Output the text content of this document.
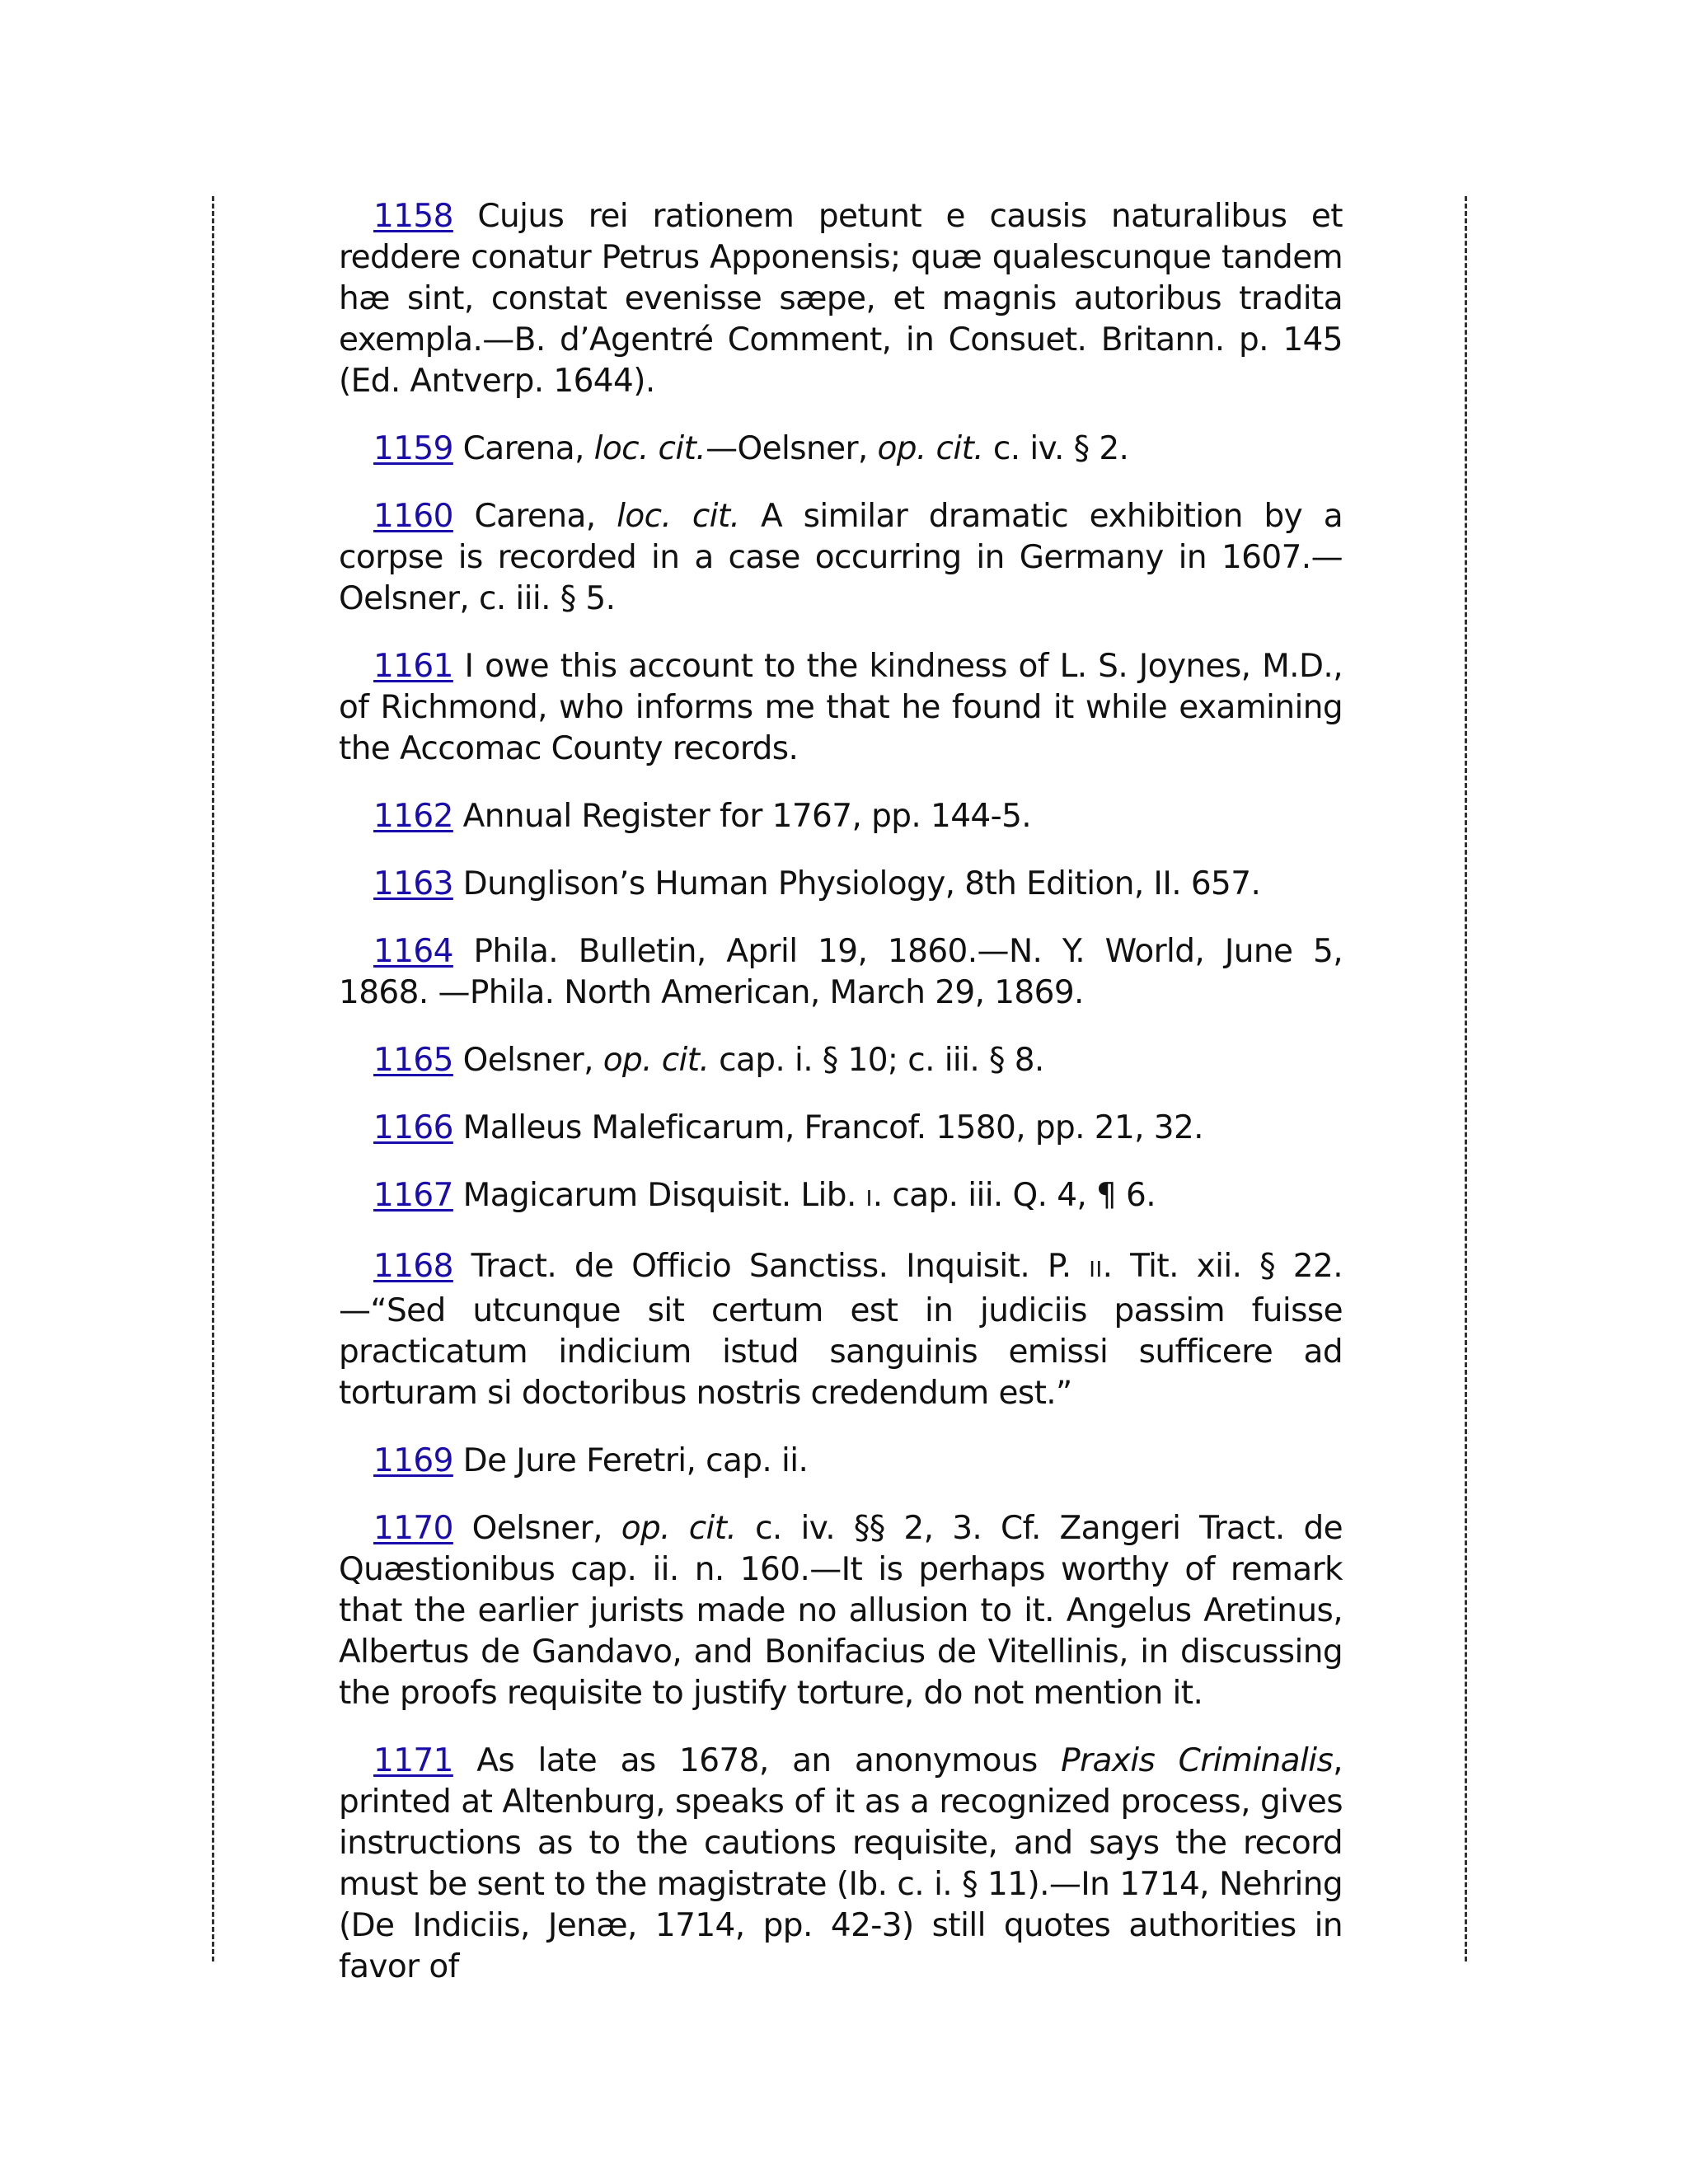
1158 Cujus rei rationem petunt e causis naturalibus et reddere conatur Petrus Apponensis; quæ qualescunque tandem hæ sint, constat evenisse sæpe, et magnis autoribus tradita exempla.—B. d’Agentré Comment, in Consuet. Britann. p. 145 (Ed. Antverp. 1644).

1159 Carena, loc. cit.—Oelsner, op. cit. c. iv. § 2.

1160 Carena, loc. cit. A similar dramatic exhibition by a corpse is recorded in a case occurring in Germany in 1607.—Oelsner, c. iii. § 5.

1161 I owe this account to the kindness of L. S. Joynes, M.D., of Richmond, who informs me that he found it while examining the Accomac County records.

1162 Annual Register for 1767, pp. 144-5.

1163 Dunglison’s Human Physiology, 8th Edition, II. 657.

1164 Phila. Bulletin, April 19, 1860.—N. Y. World, June 5, 1868. —Phila. North American, March 29, 1869.

1165 Oelsner, op. cit. cap. i. § 10; c. iii. § 8.

1166 Malleus Maleficarum, Francof. 1580, pp. 21, 32.

1167 Magicarum Disquisit. Lib. I. cap. iii. Q. 4, ¶ 6.

1168 Tract. de Officio Sanctiss. Inquisit. P. II. Tit. xii. § 22. —“Sed utcunque sit certum est in judiciis passim fuisse practicatum indicium istud sanguinis emissi sufficere ad torturam si doctoribus nostris credendum est.”

1169 De Jure Feretri, cap. ii.

1170 Oelsner, op. cit. c. iv. §§ 2, 3. Cf. Zangeri Tract. de Quæstionibus cap. ii. n. 160.—It is perhaps worthy of remark that the earlier jurists made no allusion to it. Angelus Aretinus, Albertus de Gandavo, and Bonifacius de Vitellinis, in discussing the proofs requisite to justify torture, do not mention it.

1171 As late as 1678, an anonymous Praxis Criminalis, printed at Altenburg, speaks of it as a recognized process, gives instructions as to the cautions requisite, and says the record must be sent to the magistrate (Ib. c. i. § 11).—In 1714, Nehring (De Indiciis, Jenæ, 1714, pp. 42-3) still quotes authorities in favor of
